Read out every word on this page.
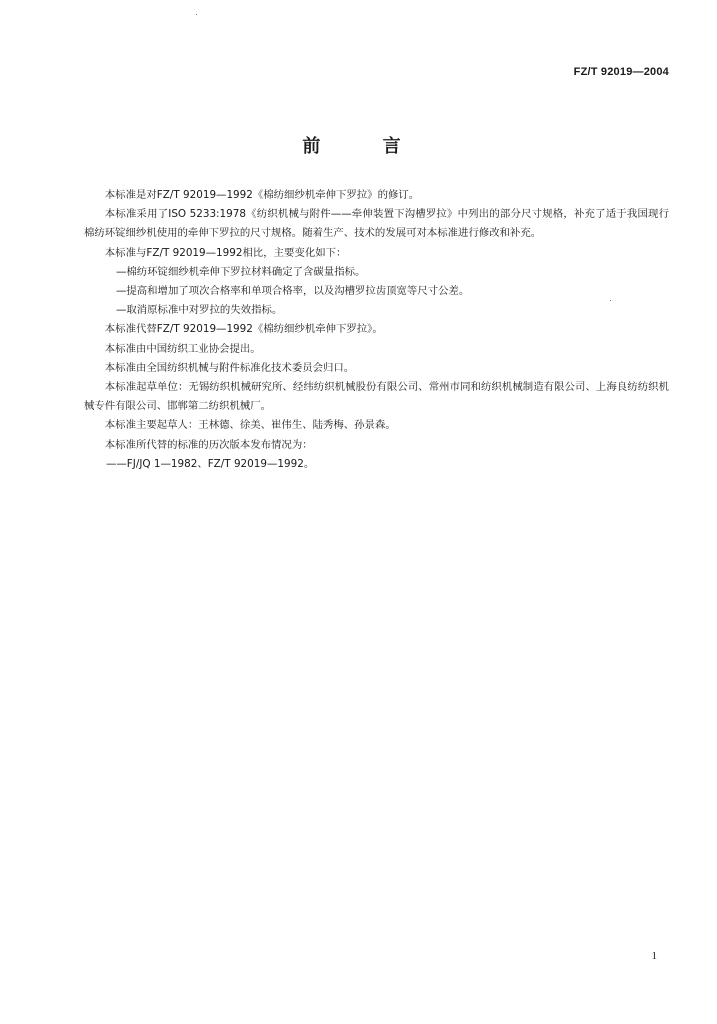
FZ/T 92019—2004
前 言

本标准是对FZ/T 92019—1992《棉纺细纱机牵伸下罗拉》的修订。

本标准采用了ISO 5233:1978《纺织机械与附件——牵伸装置下沟槽罗拉》中列出的部分尺寸规格，补充了适于我国现行棉纺环锭细纱机使用的牵伸下罗拉的尺寸规格。随着生产、技术的发展可对本标准进行修改和补充。

本标准与FZ/T 92019—1992相比，主要变化如下：

—棉纺环锭细纱机牵伸下罗拉材料确定了含碳量指标。

—提高和增加了项次合格率和单项合格率，以及沟槽罗拉齿顶宽等尺寸公差。

—取消原标准中对罗拉的失效指标。

本标准代替FZ/T 92019—1992《棉纺细纱机牵伸下罗拉》。

本标准由中国纺织工业协会提出。

本标准由全国纺织机械与附件标准化技术委员会归口。

本标准起草单位：无锡纺织机械研究所、经纬纺织机械股份有限公司、常州市同和纺织机械制造有限公司、上海良纺纺织机械专件有限公司、邯郸第二纺织机械厂。

本标准主要起草人：王林德、徐美、崔伟生、陆秀梅、孙景森。

本标准所代替的标准的历次版本发布情况为：

——FJ/JQ 1—1982、FZ/T 92019—1992。

1
